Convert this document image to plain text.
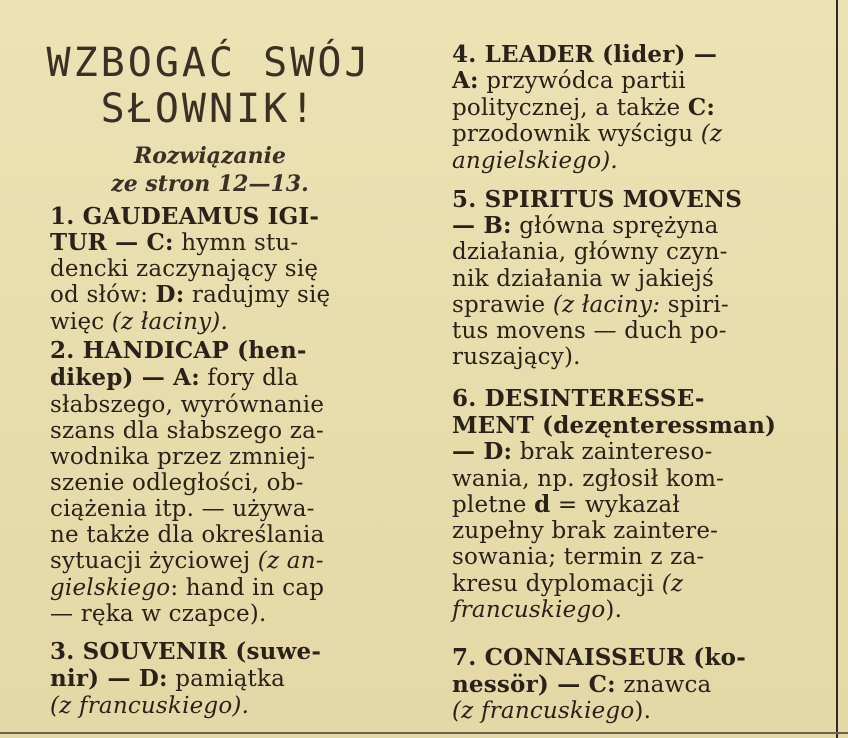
WZBOGAĆ SWÓJ
SŁOWNIK!
Rozwiązanie
ze stron 12—13.
1. GAUDEAMUS IGI-
TUR — C: hymn stu-
dencki zaczynający się
od słów: D: radujmy się
więc (z łaciny).
2. HANDICAP (hen-
dikep) — A: fory dla
słabszego, wyrównanie
szans dla słabszego za-
wodnika przez zmniej-
szenie odległości, ob-
ciążenia itp. — używa-
ne także dla określania
sytuacji życiowej (z an-
gielskiego: hand in cap
— ręka w czapce).
3. SOUVENIR (suwe-
nir) — D: pamiątka
(z francuskiego).
4. LEADER (lider) —
A: przywódca partii
politycznej, a także C:
przodownik wyścigu (z
angielskiego).
5. SPIRITUS MOVENS
— B: główna sprężyna
działania, główny czyn-
nik działania w jakiejś
sprawie (z łaciny: spiri-
tus movens — duch po-
ruszający).
6. DESINTERESSE-
MENT (dezęnteressman)
— D: brak zaintereso-
wania, np. zgłosił kom-
pletne d = wykazał
zupełny brak zaintere-
sowania; termin z za-
kresu dyplomacji (z
francuskiego).
7. CONNAISSEUR (ko-
nessör) — C: znawca
(z francuskiego).
